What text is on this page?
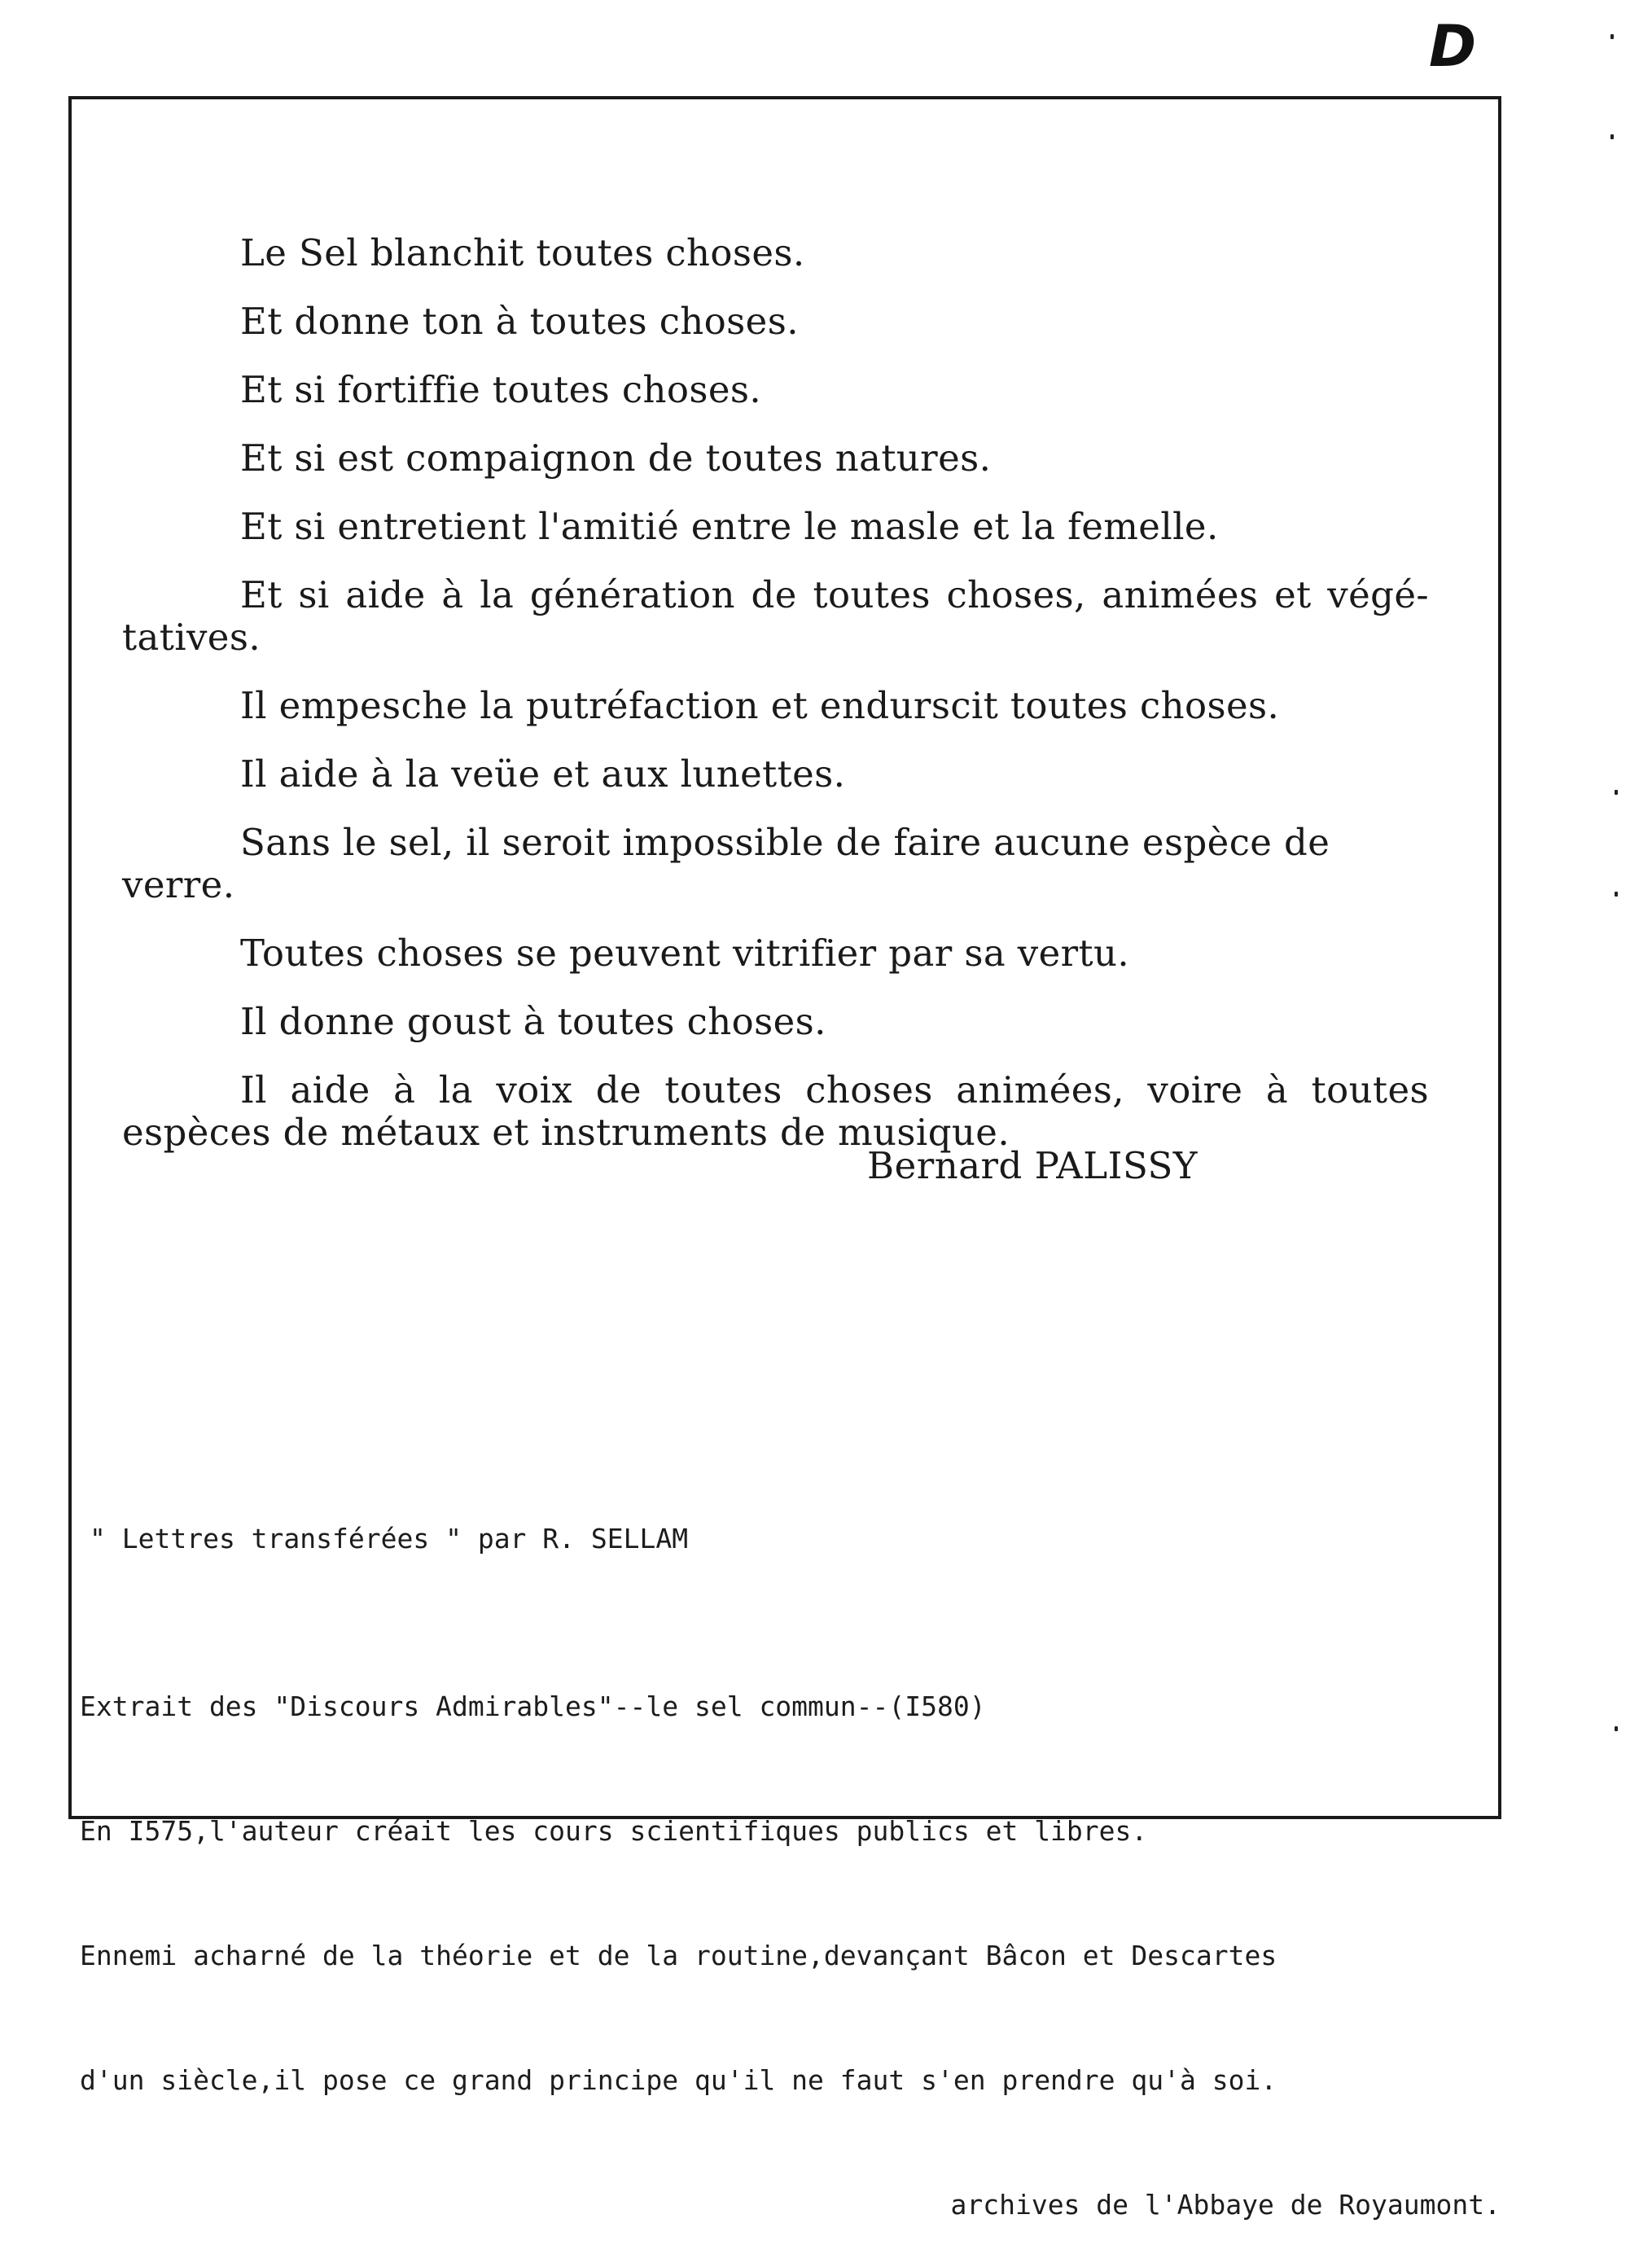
D

Le Sel blanchit toutes choses.

Et donne ton à toutes choses.

Et si fortiffie toutes choses.

Et si est compaignon de toutes natures.

Et si entretient l'amitié entre le masle et la femelle.

Et si aide à la génération de toutes choses, animées et végé-tatives.

Il empesche la putréfaction et endurscit toutes choses.

Il aide à la veüe et aux lunettes.

Sans le sel, il seroit impossible de faire aucune espèce de verre.

Toutes choses se peuvent vitrifier par sa vertu.

Il donne goust à toutes choses.

Il aide à la voix de toutes choses animées, voire à toutes espèces de métaux et instruments de musique.

Bernard PALISSY
" Lettres transférées " par R. SELLAM

Extrait des "Discours Admirables"--le sel commun--(I580)

En I575,l'auteur créait les cours scientifiques publics et libres.

Ennemi acharné de la théorie et de la routine,devançant Bâcon et Descartes

d'un siècle,il pose ce grand principe qu'il ne faut s'en prendre qu'à soi.

archives de l'Abbaye de Royaumont.
